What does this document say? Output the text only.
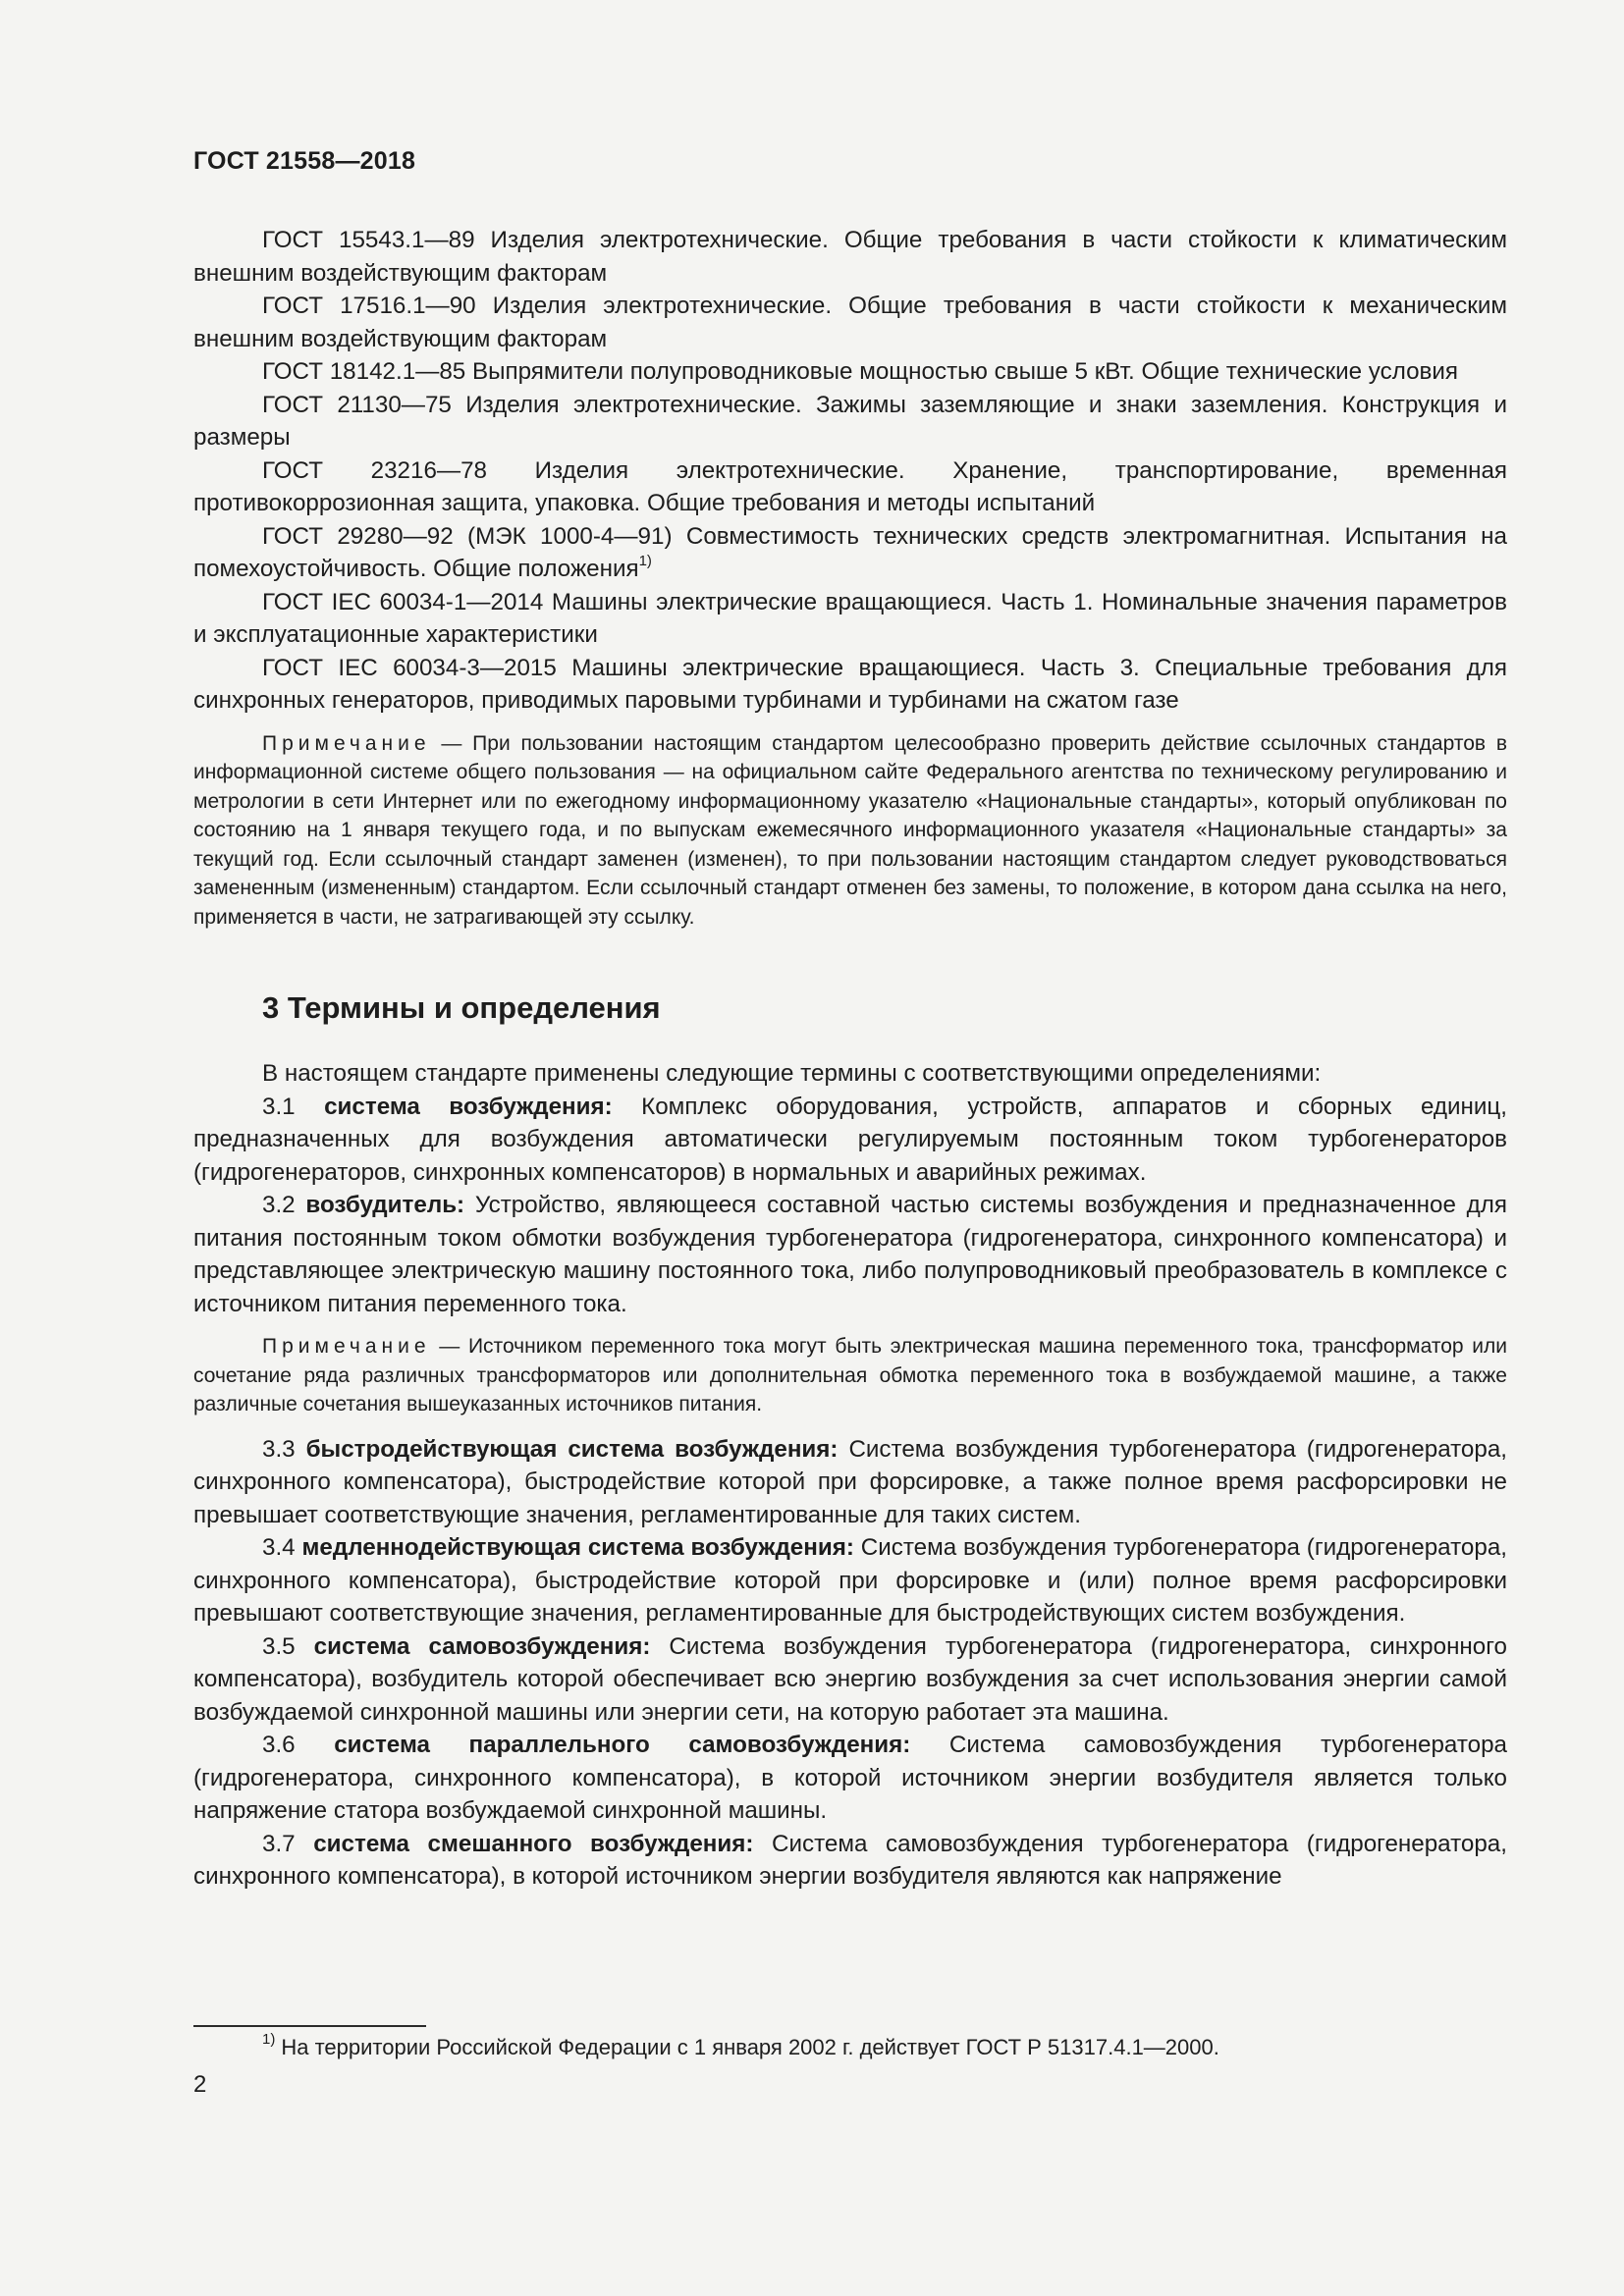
ГОСТ 21558—2018

ГОСТ 15543.1—89 Изделия электротехнические. Общие требования в части стойкости к климатическим внешним воздействующим факторам

ГОСТ 17516.1—90 Изделия электротехнические. Общие требования в части стойкости к механическим внешним воздействующим факторам

ГОСТ 18142.1—85 Выпрямители полупроводниковые мощностью свыше 5 кВт. Общие технические условия

ГОСТ 21130—75 Изделия электротехнические. Зажимы заземляющие и знаки заземления. Конструкция и размеры

ГОСТ 23216—78 Изделия электротехнические. Хранение, транспортирование, временная противокоррозионная защита, упаковка. Общие требования и методы испытаний

ГОСТ 29280—92 (МЭК 1000-4—91) Совместимость технических средств электромагнитная. Испытания на помехоустойчивость. Общие положения$^{1)}$

ГОСТ IEC 60034-1—2014 Машины электрические вращающиеся. Часть 1. Номинальные значения параметров и эксплуатационные характеристики

ГОСТ IEC 60034-3—2015 Машины электрические вращающиеся. Часть 3. Специальные требования для синхронных генераторов, приводимых паровыми турбинами и турбинами на сжатом газе

Примечание — При пользовании настоящим стандартом целесообразно проверить действие ссылочных стандартов в информационной системе общего пользования — на официальном сайте Федерального агентства по техническому регулированию и метрологии в сети Интернет или по ежегодному информационному указателю «Национальные стандарты», который опубликован по состоянию на 1 января текущего года, и по выпускам ежемесячного информационного указателя «Национальные стандарты» за текущий год. Если ссылочный стандарт заменен (изменен), то при пользовании настоящим стандартом следует руководствоваться замененным (измененным) стандартом. Если ссылочный стандарт отменен без замены, то положение, в котором дана ссылка на него, применяется в части, не затрагивающей эту ссылку.

3 Термины и определения

В настоящем стандарте применены следующие термины с соответствующими определениями:

3.1 система возбуждения: Комплекс оборудования, устройств, аппаратов и сборных единиц, предназначенных для возбуждения автоматически регулируемым постоянным током турбогенераторов (гидрогенераторов, синхронных компенсаторов) в нормальных и аварийных режимах.

3.2 возбудитель: Устройство, являющееся составной частью системы возбуждения и предназначенное для питания постоянным током обмотки возбуждения турбогенератора (гидрогенератора, синхронного компенсатора) и представляющее электрическую машину постоянного тока, либо полупроводниковый преобразователь в комплексе с источником питания переменного тока.

Примечание — Источником переменного тока могут быть электрическая машина переменного тока, трансформатор или сочетание ряда различных трансформаторов или дополнительная обмотка переменного тока в возбуждаемой машине, а также различные сочетания вышеуказанных источников питания.

3.3 быстродействующая система возбуждения: Система возбуждения турбогенератора (гидрогенератора, синхронного компенсатора), быстродействие которой при форсировке, а также полное время расфорсировки не превышает соответствующие значения, регламентированные для таких систем.

3.4 медленнодействующая система возбуждения: Система возбуждения турбогенератора (гидрогенератора, синхронного компенсатора), быстродействие которой при форсировке и (или) полное время расфорсировки превышают соответствующие значения, регламентированные для быстродействующих систем возбуждения.

3.5 система самовозбуждения: Система возбуждения турбогенератора (гидрогенератора, синхронного компенсатора), возбудитель которой обеспечивает всю энергию возбуждения за счет использования энергии самой возбуждаемой синхронной машины или энергии сети, на которую работает эта машина.

3.6 система параллельного самовозбуждения: Система самовозбуждения турбогенератора (гидрогенератора, синхронного компенсатора), в которой источником энергии возбудителя является только напряжение статора возбуждаемой синхронной машины.

3.7 система смешанного возбуждения: Система самовозбуждения турбогенератора (гидрогенератора, синхронного компенсатора), в которой источником энергии возбудителя являются как напряжение

$^{1)}$ На территории Российской Федерации с 1 января 2002 г. действует ГОСТ Р 51317.4.1—2000.
2
